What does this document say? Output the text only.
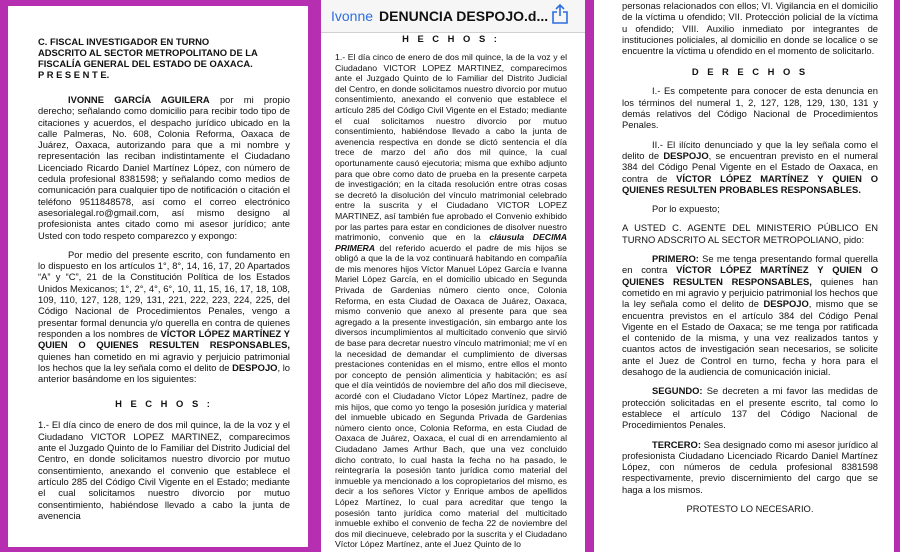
C. FISCAL INVESTIGADOR EN TURNO
ADSCRITO AL SECTOR METROPOLITANO DE LA
FISCALÍA GENERAL DEL ESTADO DE OAXACA.
P R E S E N T E.

IVONNE GARCÍA AGUILERA por mi propio derecho; señalando como domicilio para recibir todo tipo de citaciones y acuerdos, el despacho jurídico ubicado en la calle Palmeras, No. 608, Colonia Reforma, Oaxaca de Juárez, Oaxaca, autorizando para que a mi nombre y representación las reciban indistintamente el Ciudadano Licenciado Ricardo Daniel Martínez López, con número de cedula profesional 8381598; y señalando como medios de comunicación para cualquier tipo de notificación o citación el teléfono 9511848578, así como el correo electrónico asesorialegal.ro@gmail.com, así mismo designo al profesionista antes citado como mi asesor jurídico; ante Usted con todo respeto comparezco y expongo:

Por medio del presente escrito, con fundamento en lo dispuesto en los artículos 1°, 8°, 14, 16, 17, 20 Apartados “A” y “C”, 21 de la Constitución Política de los Estados Unidos Mexicanos; 1°, 2°, 4°, 6°, 10, 11, 15, 16, 17, 18, 108, 109, 110, 127, 128, 129, 131, 221, 222, 223, 224, 225, del Código Nacional de Procedimientos Penales, vengo a presentar formal denuncia y/o querella en contra de quienes responden a los nombres de VÍCTOR LÓPEZ MARTÍNEZ Y QUIEN O QUIENES RESULTEN RESPONSABLES, quienes han cometido en mi agravio y perjuicio patrimonial los hechos que la ley señala como el delito de DESPOJO, lo anterior basándome en los siguientes:

H E C H O S :

1.- El día cinco de enero de dos mil quince, la de la voz y el Ciudadano VICTOR LOPEZ MARTINEZ, comparecimos ante el Juzgado Quinto de lo Familiar del Distrito Judicial del Centro, en donde solicitamos nuestro divorcio por mutuo consentimiento, anexando el convenio que establece el artículo 285 del Código Civil Vigente en el Estado; mediante el cual solicitamos nuestro divorcio por mutuo consentimiento, habiéndose llevado a cabo la junta de avenencia

Ivonne DENUNCIA DESPOJO.d...
H E C H O S :

1.- El día cinco de enero de dos mil quince, la de la voz y el Ciudadano VICTOR LOPEZ MARTINEZ, comparecimos ante el Juzgado Quinto de lo Familiar del Distrito Judicial del Centro, en donde solicitamos nuestro divorcio por mutuo consentimiento, anexando el convenio que establece el artículo 285 del Código Civil Vigente en el Estado; mediante el cual solicitamos nuestro divorcio por mutuo consentimiento, habiéndose llevado a cabo la junta de avenencia respectiva en donde se dictó sentencia el día trece de marzo del año dos mil quince, la cual oportunamente causó ejecutoria; misma que exhibo adjunto para que obre como dato de prueba en la presente carpeta de investigación; en la citada resolución entre otras cosas se decretó la disolución del vínculo matrimonial celebrado entre la suscrita y el Ciudadano VICTOR LOPEZ MARTINEZ, así también fue aprobado el Convenio exhibido por las partes para estar en condiciones de disolver nuestro matrimonio, convenio que en la cláusula DECIMA PRIMERA del referido acuerdo el padre de mis hijos se obligó a que la de la voz continuará habitando en compañía de mis menores hijos Víctor Manuel López García e Ivanna Mariel López García, en el domicilio ubicado en Segunda Privada de Gardenias número ciento once, Colonia Reforma, en esta Ciudad de Oaxaca de Juárez, Oaxaca, mismo convenio que anexo al presente para que sea agregado a la presente investigación, sin embargo ante los diversos incumplimientos al multicitado convenio que sirvió de base para decretar nuestro vínculo matrimonial; me ví en la necesidad de demandar el cumplimiento de diversas prestaciones contenidas en el mismo, entre ellos el monto por concepto de pensión alimenticia y habitación; es así que el día veintidós de noviembre del año dos mil dieciseve, acordé con el Ciudadano Víctor López Martínez, padre de mis hijos, que como yo tengo la posesión jurídica y material del inmueble ubicado en Segunda Privada de Gardenias número ciento once, Colonia Reforma, en esta Ciudad de Oaxaca de Juárez, Oaxaca, el cual di en arrendamiento al Ciudadano James Arthur Bach, que una vez concluido dicho contrato, lo cual hasta la fecha no ha pasado, le reintegraría la posesión tanto jurídica como material del inmueble ya mencionado a los copropietarios del mismo, es decir a los señores Víctor y Enrique ambos de apellidos López Martínez, lo cual para acreditar que tengo la posesión tanto jurídica como material del multicitado inmueble exhibo el convenio de fecha 22 de noviembre del dos mil diecinueve, celebrado por la suscrita y el Ciudadano Víctor López Martínez, ante el Juez Quinto de lo

personas relacionados con ellos; VI. Vigilancia en el domicilio de la víctima u ofendido; VII. Protección policial de la víctima u ofendido; VIII. Auxilio inmediato por integrantes de instituciones policiales, al domicilio en donde se localice o se encuentre la víctima u ofendido en el momento de solicitarlo.

D E R E C H O S

I.- Es competente para conocer de esta denuncia en los términos del numeral 1, 2, 127, 128, 129, 130, 131 y demás relativos del Código Nacional de Procedimientos Penales.

II.- El ilícito denunciado y que la ley señala como el delito de DESPOJO, se encuentran previsto en el numeral 384 del Código Penal Vigente en el Estado de Oaxaca, en contra de VÍCTOR LÓPEZ MARTÍNEZ Y QUIEN O QUIENES RESULTEN PROBABLES RESPONSABLES.

Por lo expuesto;

A USTED C. AGENTE DEL MINISTERIO PÚBLICO EN TURNO ADSCRITO AL SECTOR METROPOLIANO, pido:

PRIMERO: Se me tenga presentando formal querella en contra VÍCTOR LÓPEZ MARTÍNEZ Y QUIEN O QUIENES RESULTEN RESPONSABLES, quienes han cometido en mi agravio y perjuicio patrimonial los hechos que la ley señala como el delito de DESPOJO, mismo que se encuentra previstos en el artículo 384 del Código Penal Vigente en el Estado de Oaxaca; se me tenga por ratificada el contenido de la misma, y una vez realizados tantos y cuantos actos de investigación sean necesarios, se solicite ante el Juez de Control en turno, fecha y hora para el desahogo de la audiencia de comunicación inicial.

SEGUNDO: Se decreten a mi favor las medidas de protección solicitadas en el presente escrito, tal como lo establece el artículo 137 del Código Nacional de Procedimientos Penales.

TERCERO: Sea designado como mi asesor jurídico al profesionista Ciudadano Licenciado Ricardo Daniel Martínez López, con números de cedula profesional 8381598 respectivamente, previo discernimiento del cargo que se haga a los mismos.

PROTESTO LO NECESARIO.
